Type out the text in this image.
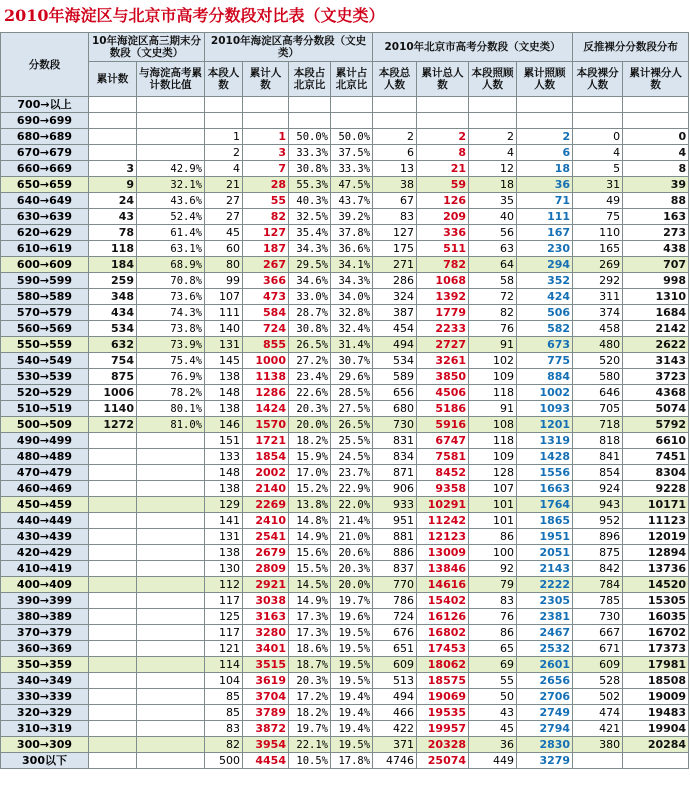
2010年海淀区与北京市高考分数段对比表（文史类）
分数段	10年海淀区高三期末分数段（文史类）		2010年海淀区高考分数段（文史类）				2010年北京市高考分数段（文史类）				反推裸分分数段分布	
	累计数	与海淀高考累计数比值	本段人数	累计人数	本段占北京比	累计占北京比	本段总人数	累计总人数	本段照顾人数	累计照顾人数	本段裸分人数	累计裸分人数
700→以上												
690→699												
680→689			1	1	50.0%	50.0%	2	2	2	2	0	0
670→679			2	3	33.3%	37.5%	6	8	4	6	4	4
660→669	3	42.9%	4	7	30.8%	33.3%	13	21	12	18	5	8
650→659	9	32.1%	21	28	55.3%	47.5%	38	59	18	36	31	39
640→649	24	43.6%	27	55	40.3%	43.7%	67	126	35	71	49	88
630→639	43	52.4%	27	82	32.5%	39.2%	83	209	40	111	75	163
620→629	78	61.4%	45	127	35.4%	37.8%	127	336	56	167	110	273
610→619	118	63.1%	60	187	34.3%	36.6%	175	511	63	230	165	438
600→609	184	68.9%	80	267	29.5%	34.1%	271	782	64	294	269	707
590→599	259	70.8%	99	366	34.6%	34.3%	286	1068	58	352	292	998
580→589	348	73.6%	107	473	33.0%	34.0%	324	1392	72	424	311	1310
570→579	434	74.3%	111	584	28.7%	32.8%	387	1779	82	506	374	1684
560→569	534	73.8%	140	724	30.8%	32.4%	454	2233	76	582	458	2142
550→559	632	73.9%	131	855	26.5%	31.4%	494	2727	91	673	480	2622
540→549	754	75.4%	145	1000	27.2%	30.7%	534	3261	102	775	520	3143
530→539	875	76.9%	138	1138	23.4%	29.6%	589	3850	109	884	580	3723
520→529	1006	78.2%	148	1286	22.6%	28.5%	656	4506	118	1002	646	4368
510→519	1140	80.1%	138	1424	20.3%	27.5%	680	5186	91	1093	705	5074
500→509	1272	81.0%	146	1570	20.0%	26.5%	730	5916	108	1201	718	5792
490→499			151	1721	18.2%	25.5%	831	6747	118	1319	818	6610
480→489			133	1854	15.9%	24.5%	834	7581	109	1428	841	7451
470→479			148	2002	17.0%	23.7%	871	8452	128	1556	854	8304
460→469			138	2140	15.2%	22.9%	906	9358	107	1663	924	9228
450→459			129	2269	13.8%	22.0%	933	10291	101	1764	943	10171
440→449			141	2410	14.8%	21.4%	951	11242	101	1865	952	11123
430→439			131	2541	14.9%	21.0%	881	12123	86	1951	896	12019
420→429			138	2679	15.6%	20.6%	886	13009	100	2051	875	12894
410→419			130	2809	15.5%	20.3%	837	13846	92	2143	842	13736
400→409			112	2921	14.5%	20.0%	770	14616	79	2222	784	14520
390→399			117	3038	14.9%	19.7%	786	15402	83	2305	785	15305
380→389			125	3163	17.3%	19.6%	724	16126	76	2381	730	16035
370→379			117	3280	17.3%	19.5%	676	16802	86	2467	667	16702
360→369			121	3401	18.6%	19.5%	651	17453	65	2532	671	17373
350→359			114	3515	18.7%	19.5%	609	18062	69	2601	609	17981
340→349			104	3619	20.3%	19.5%	513	18575	55	2656	528	18508
330→339			85	3704	17.2%	19.4%	494	19069	50	2706	502	19009
320→329			85	3789	18.2%	19.4%	466	19535	43	2749	474	19483
310→319			83	3872	19.7%	19.4%	422	19957	45	2794	421	19904
300→309			82	3954	22.1%	19.5%	371	20328	36	2830	380	20284
300以下			500	4454	10.5%	17.8%	4746	25074	449	3279		
